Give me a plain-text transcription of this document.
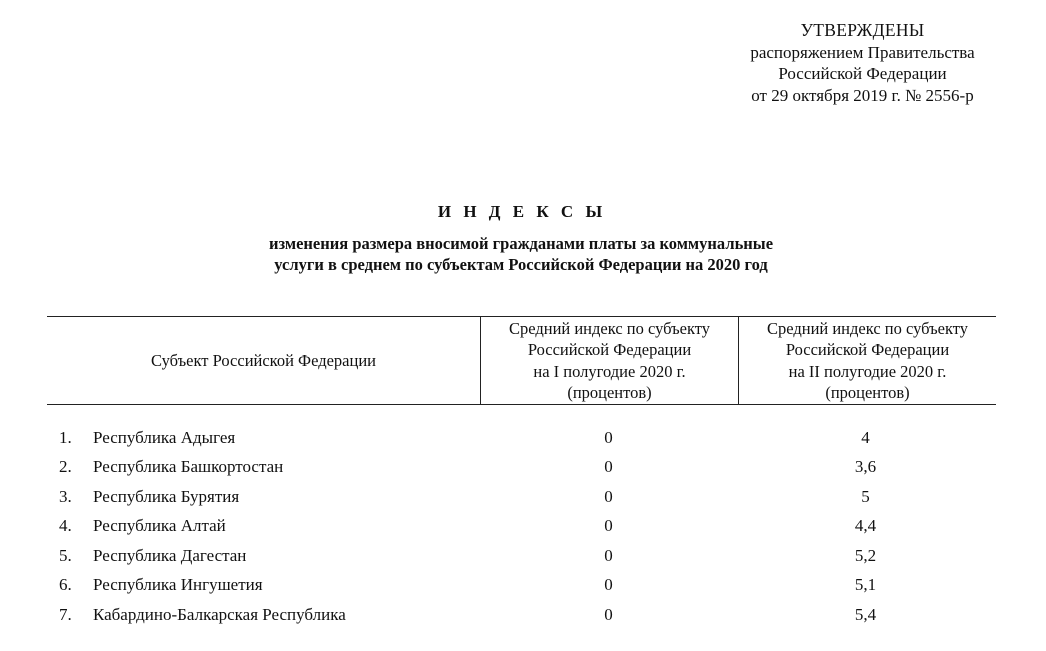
УТВЕРЖДЕНЫ
распоряжением Правительства
Российской Федерации
от 29 октября 2019 г. № 2556-р
И Н Д Е К С Ы
изменения размера вносимой гражданами платы за коммунальные
услуги в среднем по субъектам Российской Федерации на 2020 год
Субъект Российской Федерации
Средний индекс по субъекту
Российской Федерации
на I полугодие 2020 г.
(процентов)
Средний индекс по субъекту
Российской Федерации
на II полугодие 2020 г.
(процентов)
1.	Республика Адыгея	0	4
2.	Республика Башкортостан	0	3,6
3.	Республика Бурятия	0	5
4.	Республика Алтай	0	4,4
5.	Республика Дагестан	0	5,2
6.	Республика Ингушетия	0	5,1
7.	Кабардино-Балкарская Республика	0	5,4
